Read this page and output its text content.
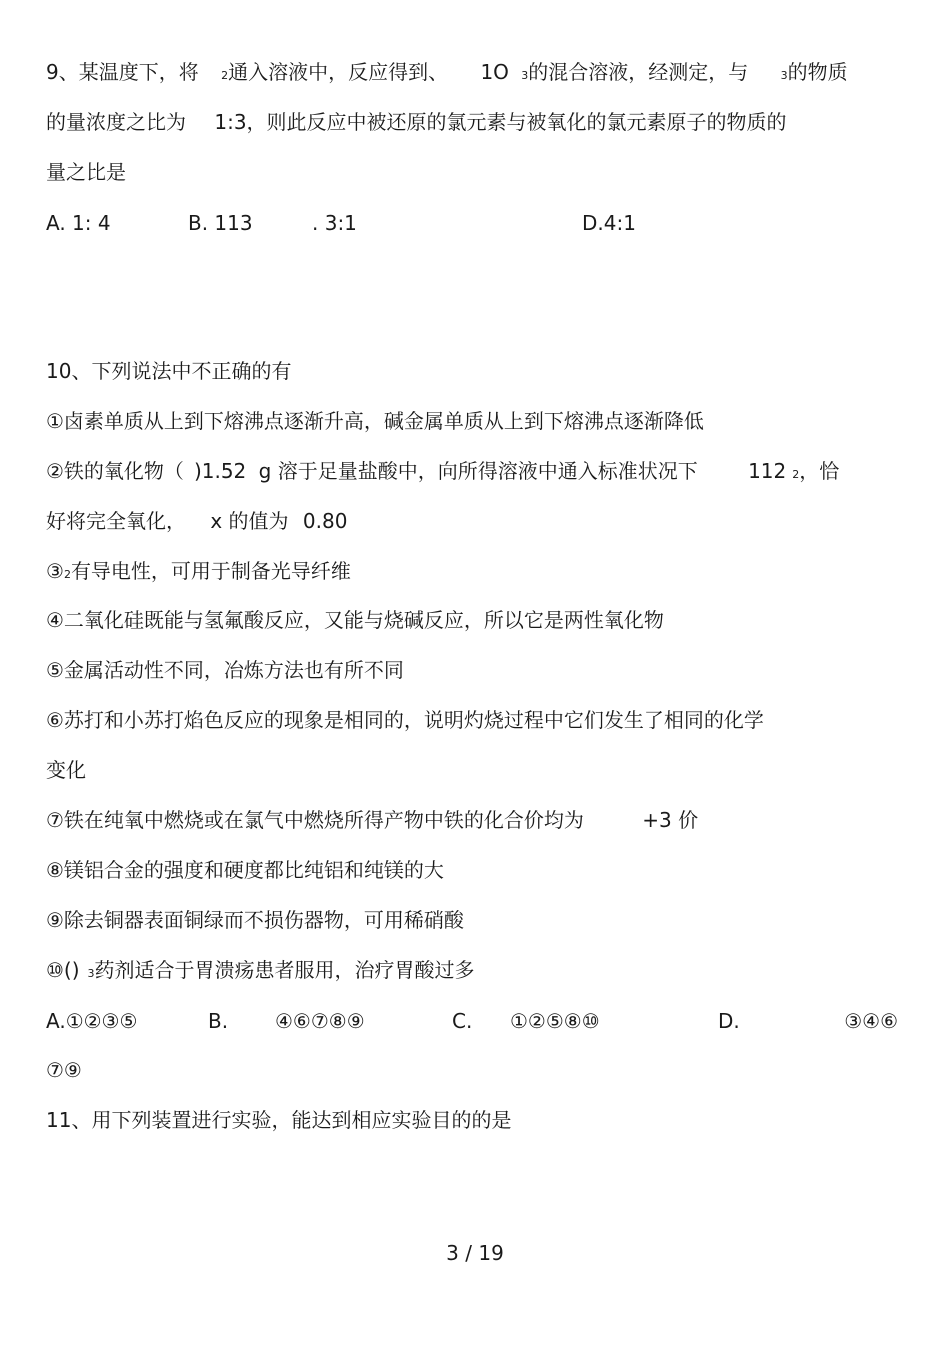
9、某温度下，将 2通入溶液中，反应得到、 1O 3的混合溶液，经测定，与	3的物质
的量浓度之比为 1:3，则此反应中被还原的氯元素与被氧化的氯元素原子的物质的
量之比是
A. 1: 4	B. 113	. 3:1	D.4:1
10、下列说法中不正确的有
①卤素单质从上到下熔沸点逐渐升高，碱金属单质从上到下熔沸点逐渐降低
②铁的氧化物（ )1.52 g 溶于足量盐酸中，向所得溶液中通入标准状况下	112 2，恰
好将完全氧化， x 的值为 0.80
③2有导电性，可用于制备光导纤维
④二氧化硅既能与氢氟酸反应，又能与烧碱反应，所以它是两性氧化物
⑤金属活动性不同，冶炼方法也有所不同
⑥苏打和小苏打焰色反应的现象是相同的，说明灼烧过程中它们发生了相同的化学
变化
⑦铁在纯氧中燃烧或在氯气中燃烧所得产物中铁的化合价均为	+3 价
⑧镁铝合金的强度和硬度都比纯铝和纯镁的大
⑨除去铜器表面铜绿而不损伤器物，可用稀硝酸
⑩() 3药剂适合于胃溃疡患者服用，治疗胃酸过多
A.①②③⑤	B. ④⑥⑦⑧⑨	C. ①②⑤⑧⑩	D.	③④⑥
⑦⑨
11、用下列装置进行实验，能达到相应实验目的的是
3 / 19
